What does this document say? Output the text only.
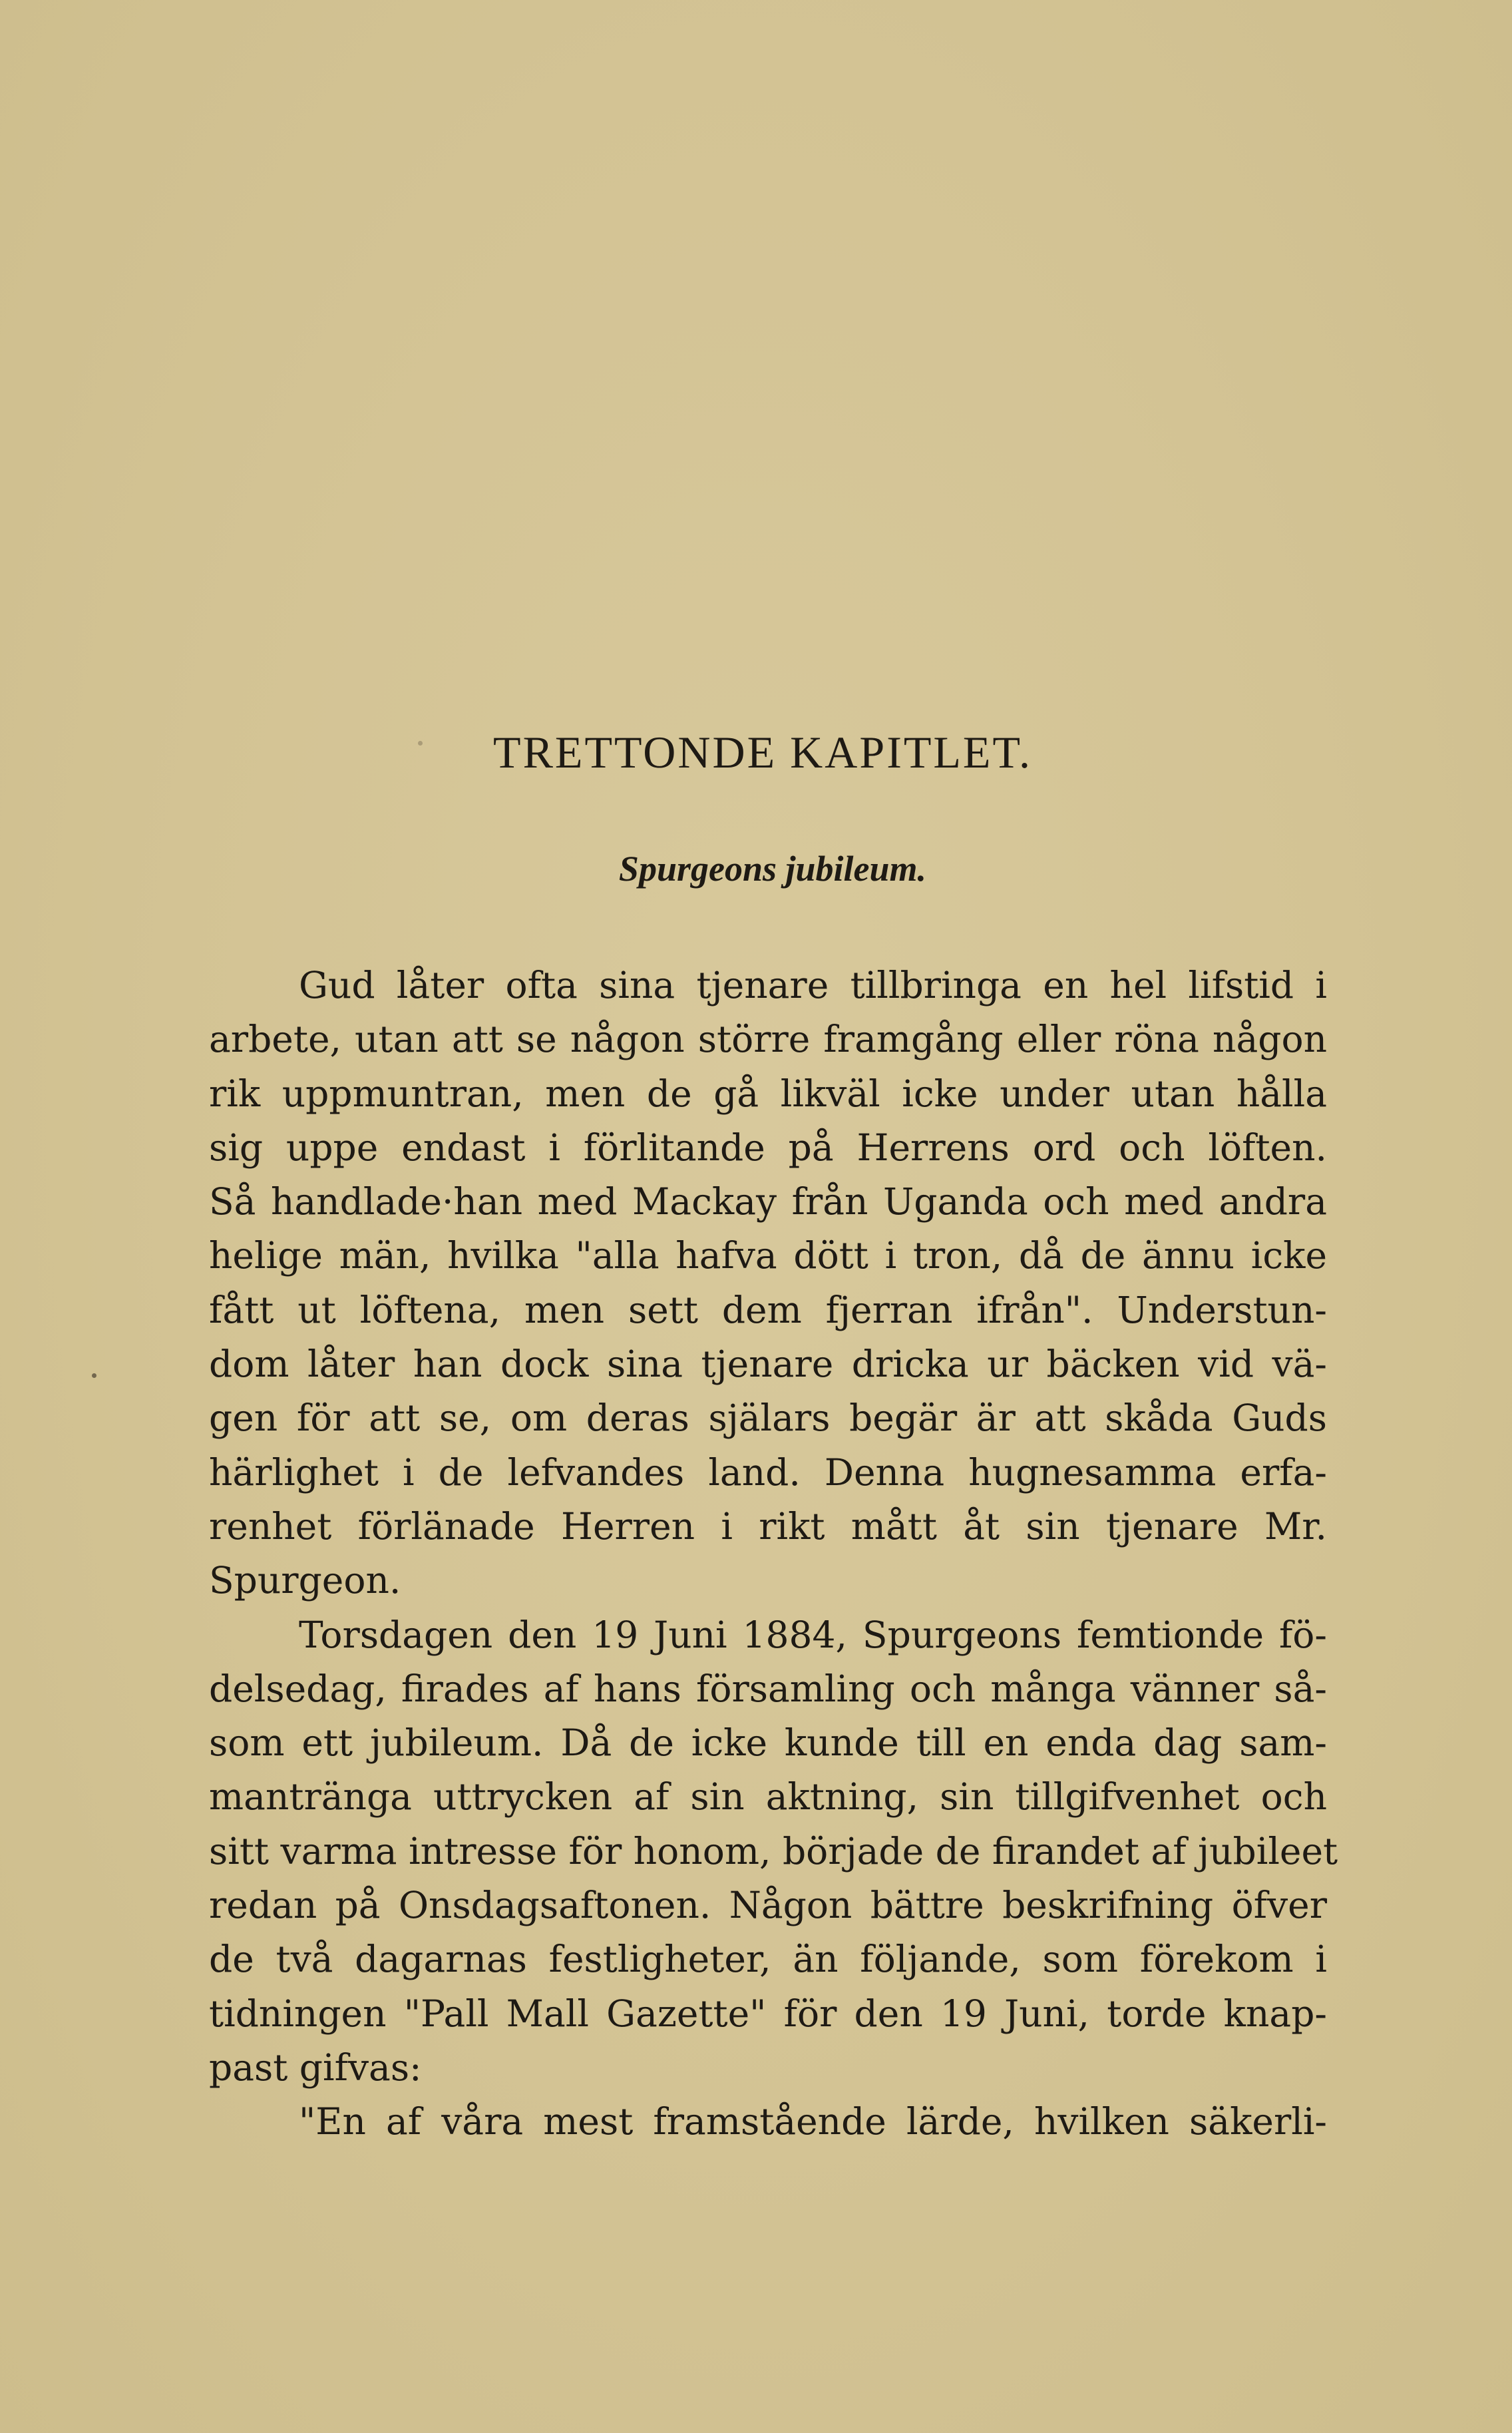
TRETTONDE KAPITLET.
Spurgeons jubileum.
Gud låter ofta sina tjenare tillbringa en hel lifstid i
arbete, utan att se någon större framgång eller röna någon
rik uppmuntran, men de gå likväl icke under utan hålla
sig uppe endast i förlitande på Herrens ord och löften.
Så handlade·han med Mackay från Uganda och med andra
helige män, hvilka "alla hafva dött i tron, då de ännu icke
fått ut löftena, men sett dem fjerran ifrån". Understun-
dom låter han dock sina tjenare dricka ur bäcken vid vä-
gen för att se, om deras själars begär är att skåda Guds
härlighet i de lefvandes land. Denna hugnesamma erfa-
renhet förlänade Herren i rikt mått åt sin tjenare Mr.
Spurgeon.
Torsdagen den 19 Juni 1884, Spurgeons femtionde fö-
delsedag, firades af hans församling och många vänner så-
som ett jubileum. Då de icke kunde till en enda dag sam-
mantränga uttrycken af sin aktning, sin tillgifvenhet och
sitt varma intresse för honom, började de firandet af jubileet
redan på Onsdagsaftonen. Någon bättre beskrifning öfver
de två dagarnas festligheter, än följande, som förekom i
tidningen "Pall Mall Gazette" för den 19 Juni, torde knap-
past gifvas:
"En af våra mest framstående lärde, hvilken säkerli-
